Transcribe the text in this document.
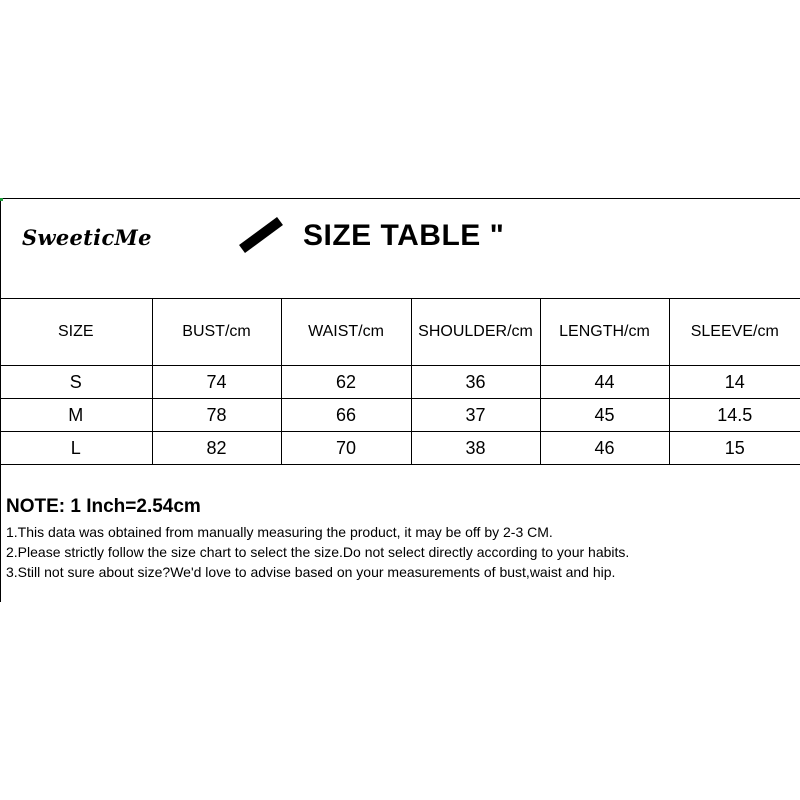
SweeticMe	SIZE TABLE "
SIZE	BUST/cm	WAIST/cm	SHOULDER/cm	LENGTH/cm	SLEEVE/cm
S	74	62	36	44	14
M	78	66	37	45	14.5
L	82	70	38	46	15
NOTE: 1 Inch=2.54cm
1.This data was obtained from manually measuring the product, it may be off by 2-3 CM.
2.Please strictly follow the size chart to select the size.Do not select directly according to your habits.
3.Still not sure about size?We'd love to advise based on your measurements of bust,waist and hip.
